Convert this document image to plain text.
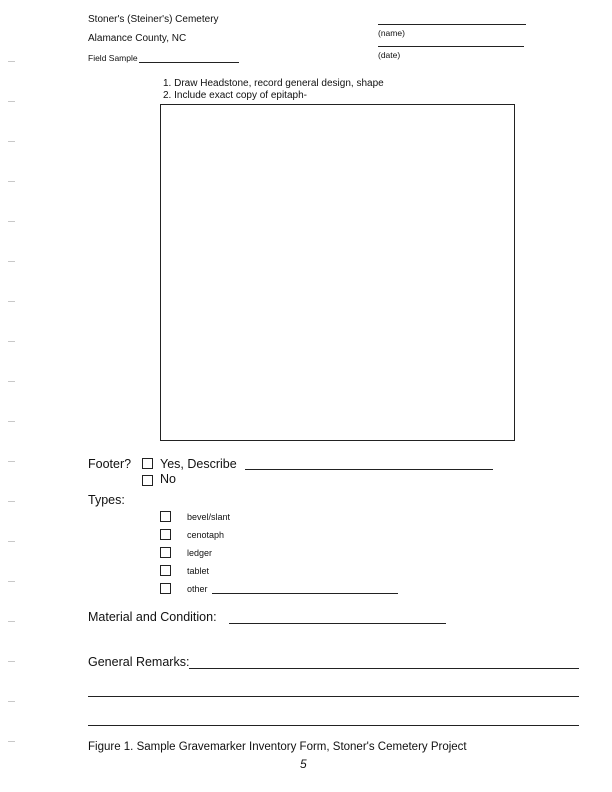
Stoner's (Steiner's) Cemetery
Alamance County, NC
Field Sample
(name)
(date)
1. Draw Headstone, record general design, shape
2. Include exact copy of epitaph-
Footer? Yes, Describe
No
Types:
bevel/slant
cenotaph
ledger
tablet
other
Material and Condition:
General Remarks:
Figure 1. Sample Gravemarker Inventory Form, Stoner's Cemetery Project
5
